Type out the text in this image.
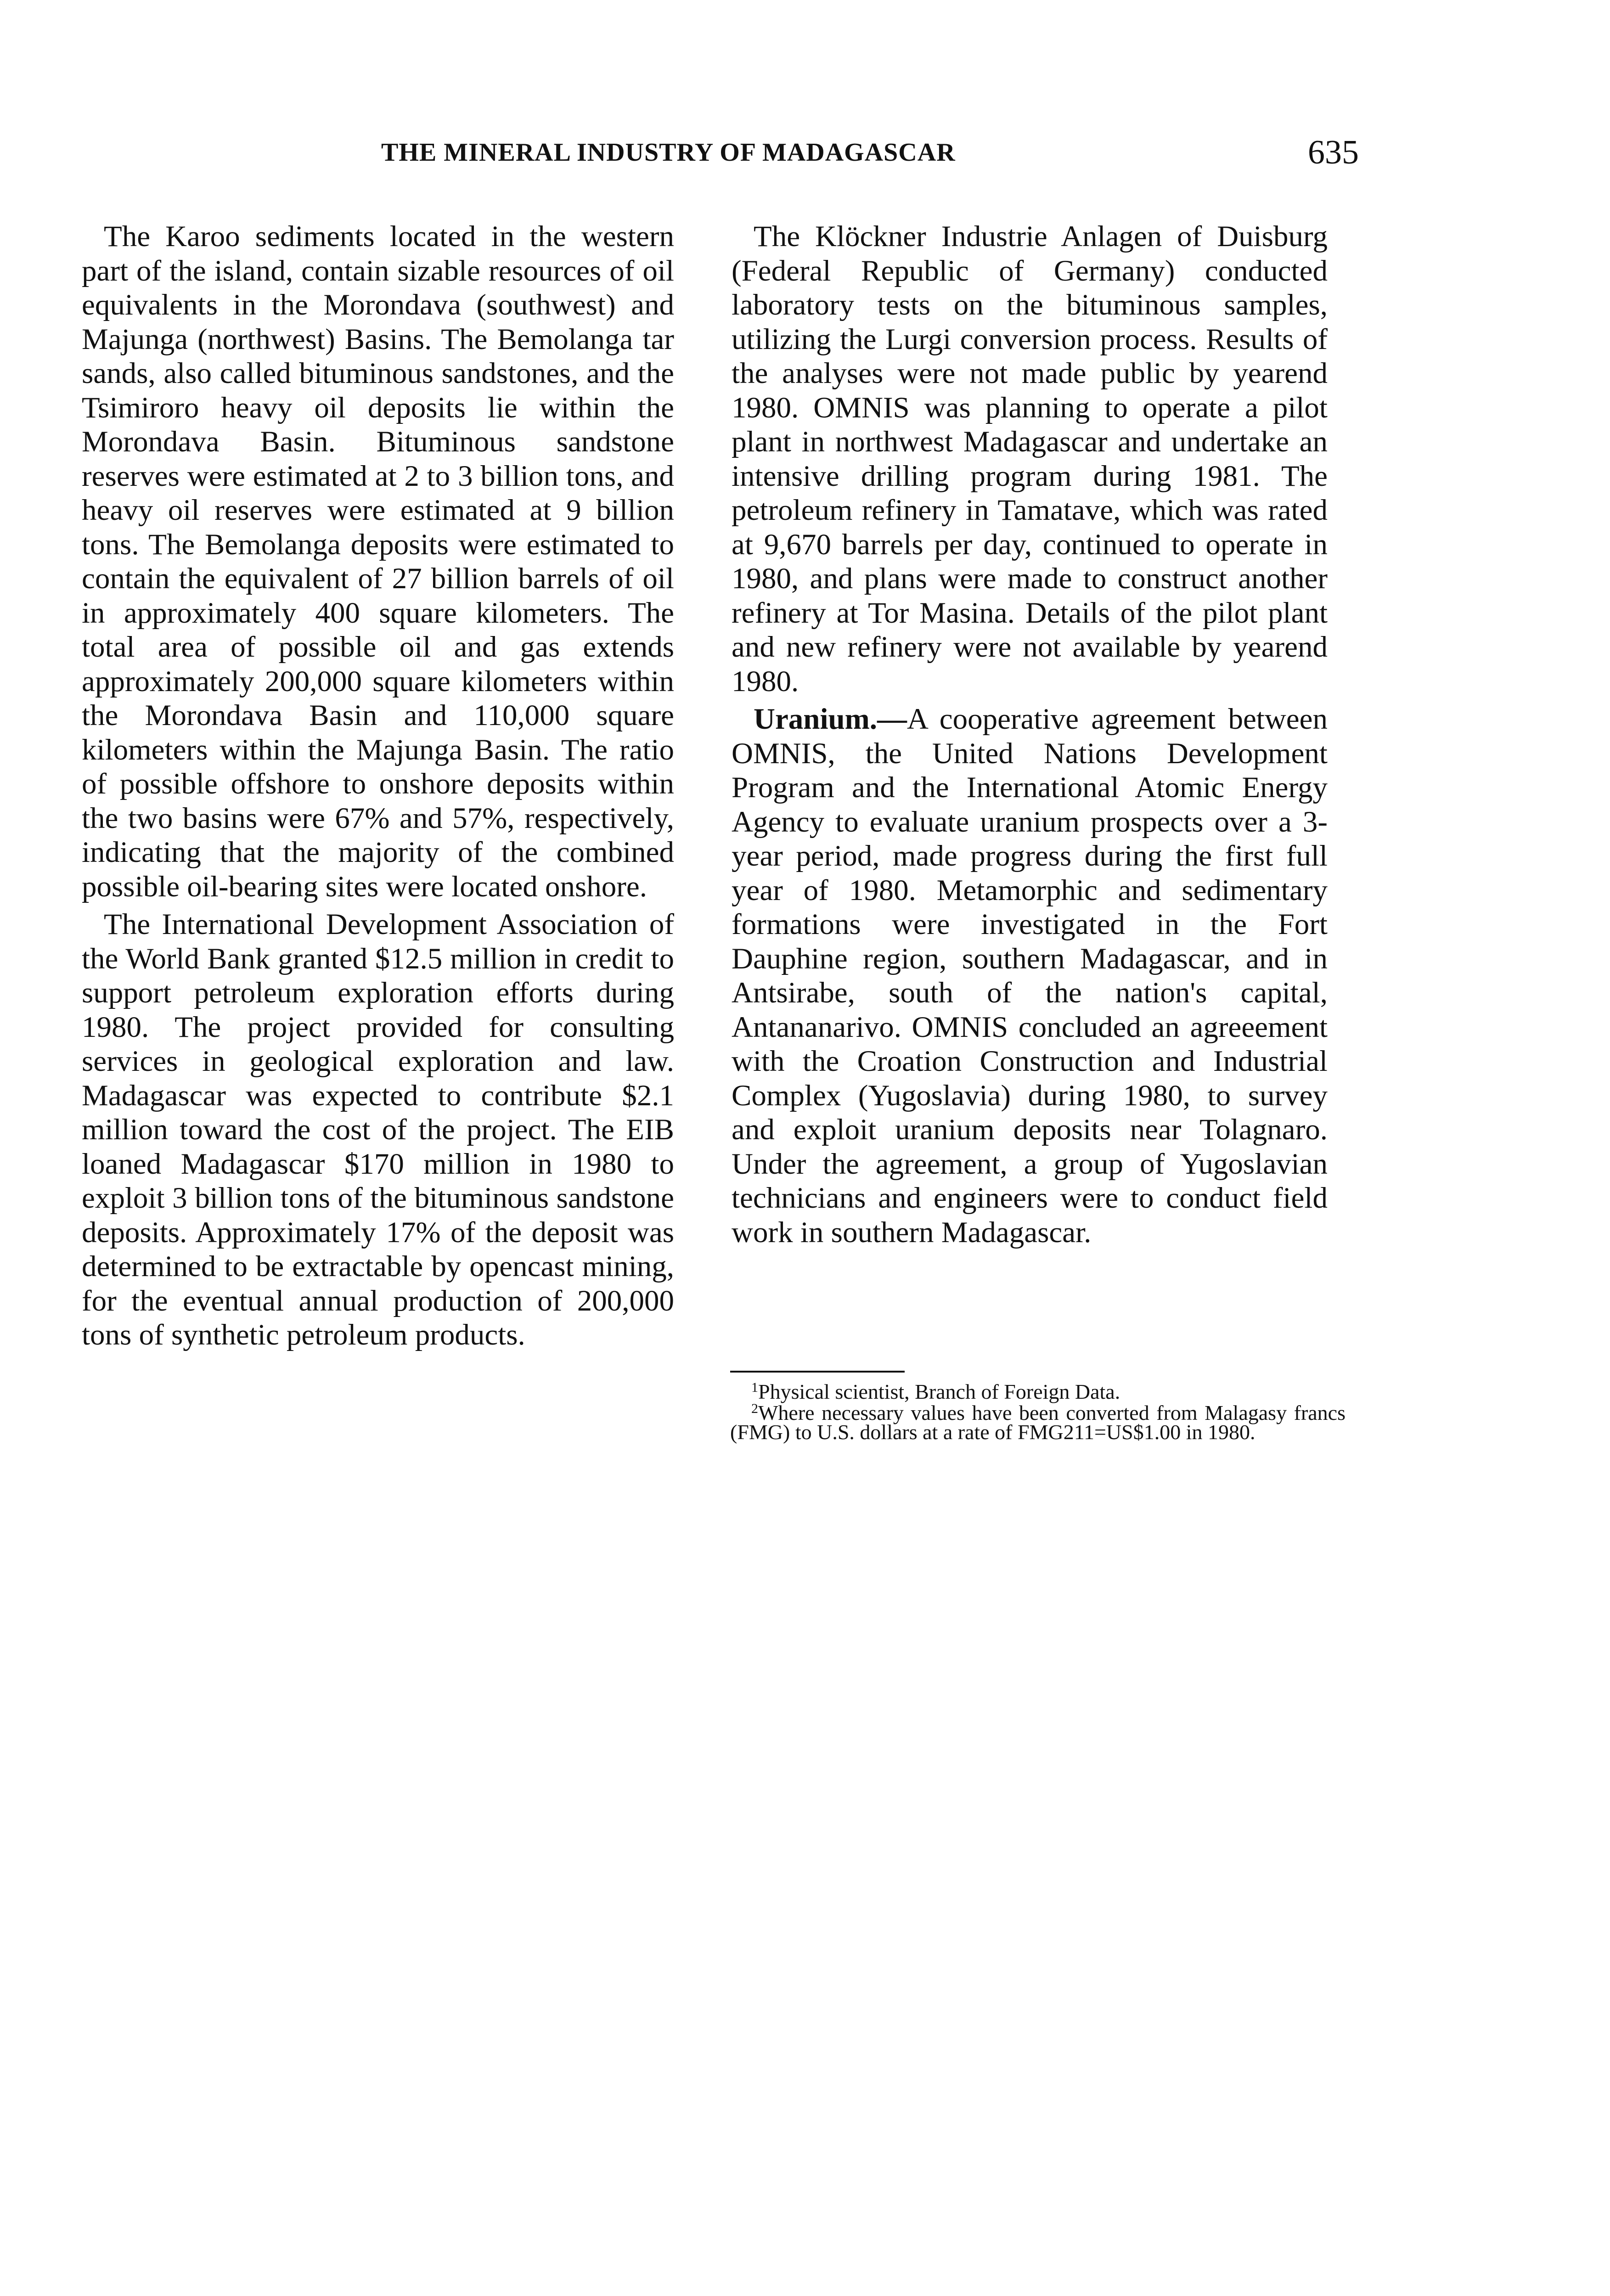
THE MINERAL INDUSTRY OF MADAGASCAR	635

The Karoo sediments located in the western part of the island, contain sizable resources of oil equivalents in the Morondava (southwest) and Majunga (northwest) Basins. The Bemolanga tar sands, also called bituminous sandstones, and the Tsimiroro heavy oil deposits lie within the Morondava Basin. Bituminous sandstone reserves were estimated at 2 to 3 billion tons, and heavy oil reserves were estimated at 9 billion tons. The Bemolanga deposits were estimated to contain the equivalent of 27 billion barrels of oil in approximately 400 square kilometers. The total area of possible oil and gas extends approximately 200,000 square kilometers within the Morondava Basin and 110,000 square kilometers within the Majunga Basin. The ratio of possible offshore to onshore deposits within the two basins were 67% and 57%, respectively, indicating that the majority of the combined possible oil-bearing sites were located onshore.

The International Development Association of the World Bank granted $12.5 million in credit to support petroleum exploration efforts during 1980. The project provided for consulting services in geological exploration and law. Madagascar was expected to contribute $2.1 million toward the cost of the project. The EIB loaned Madagascar $170 million in 1980 to exploit 3 billion tons of the bituminous sandstone deposits. Approximately 17% of the deposit was determined to be extractable by opencast mining, for the eventual annual production of 200,000 tons of synthetic petroleum products.

The Klöckner Industrie Anlagen of Duisburg (Federal Republic of Germany) conducted laboratory tests on the bituminous samples, utilizing the Lurgi conversion process. Results of the analyses were not made public by yearend 1980. OMNIS was planning to operate a pilot plant in northwest Madagascar and undertake an intensive drilling program during 1981. The petroleum refinery in Tamatave, which was rated at 9,670 barrels per day, continued to operate in 1980, and plans were made to construct another refinery at Tor Masina. Details of the pilot plant and new refinery were not available by yearend 1980.

Uranium.—A cooperative agreement between OMNIS, the United Nations Development Program and the International Atomic Energy Agency to evaluate uranium prospects over a 3-year period, made progress during the first full year of 1980. Metamorphic and sedimentary formations were investigated in the Fort Dauphine region, southern Madagascar, and in Antsirabe, south of the nation's capital, Antananarivo. OMNIS concluded an agreeement with the Croation Construction and Industrial Complex (Yugoslavia) during 1980, to survey and exploit uranium deposits near Tolagnaro. Under the agreement, a group of Yugoslavian technicians and engineers were to conduct field work in southern Madagascar.

$^1$Physical scientist, Branch of Foreign Data.

$^2$Where necessary values have been converted from Malagasy francs (FMG) to U.S. dollars at a rate of FMG211=US$1.00 in 1980.
